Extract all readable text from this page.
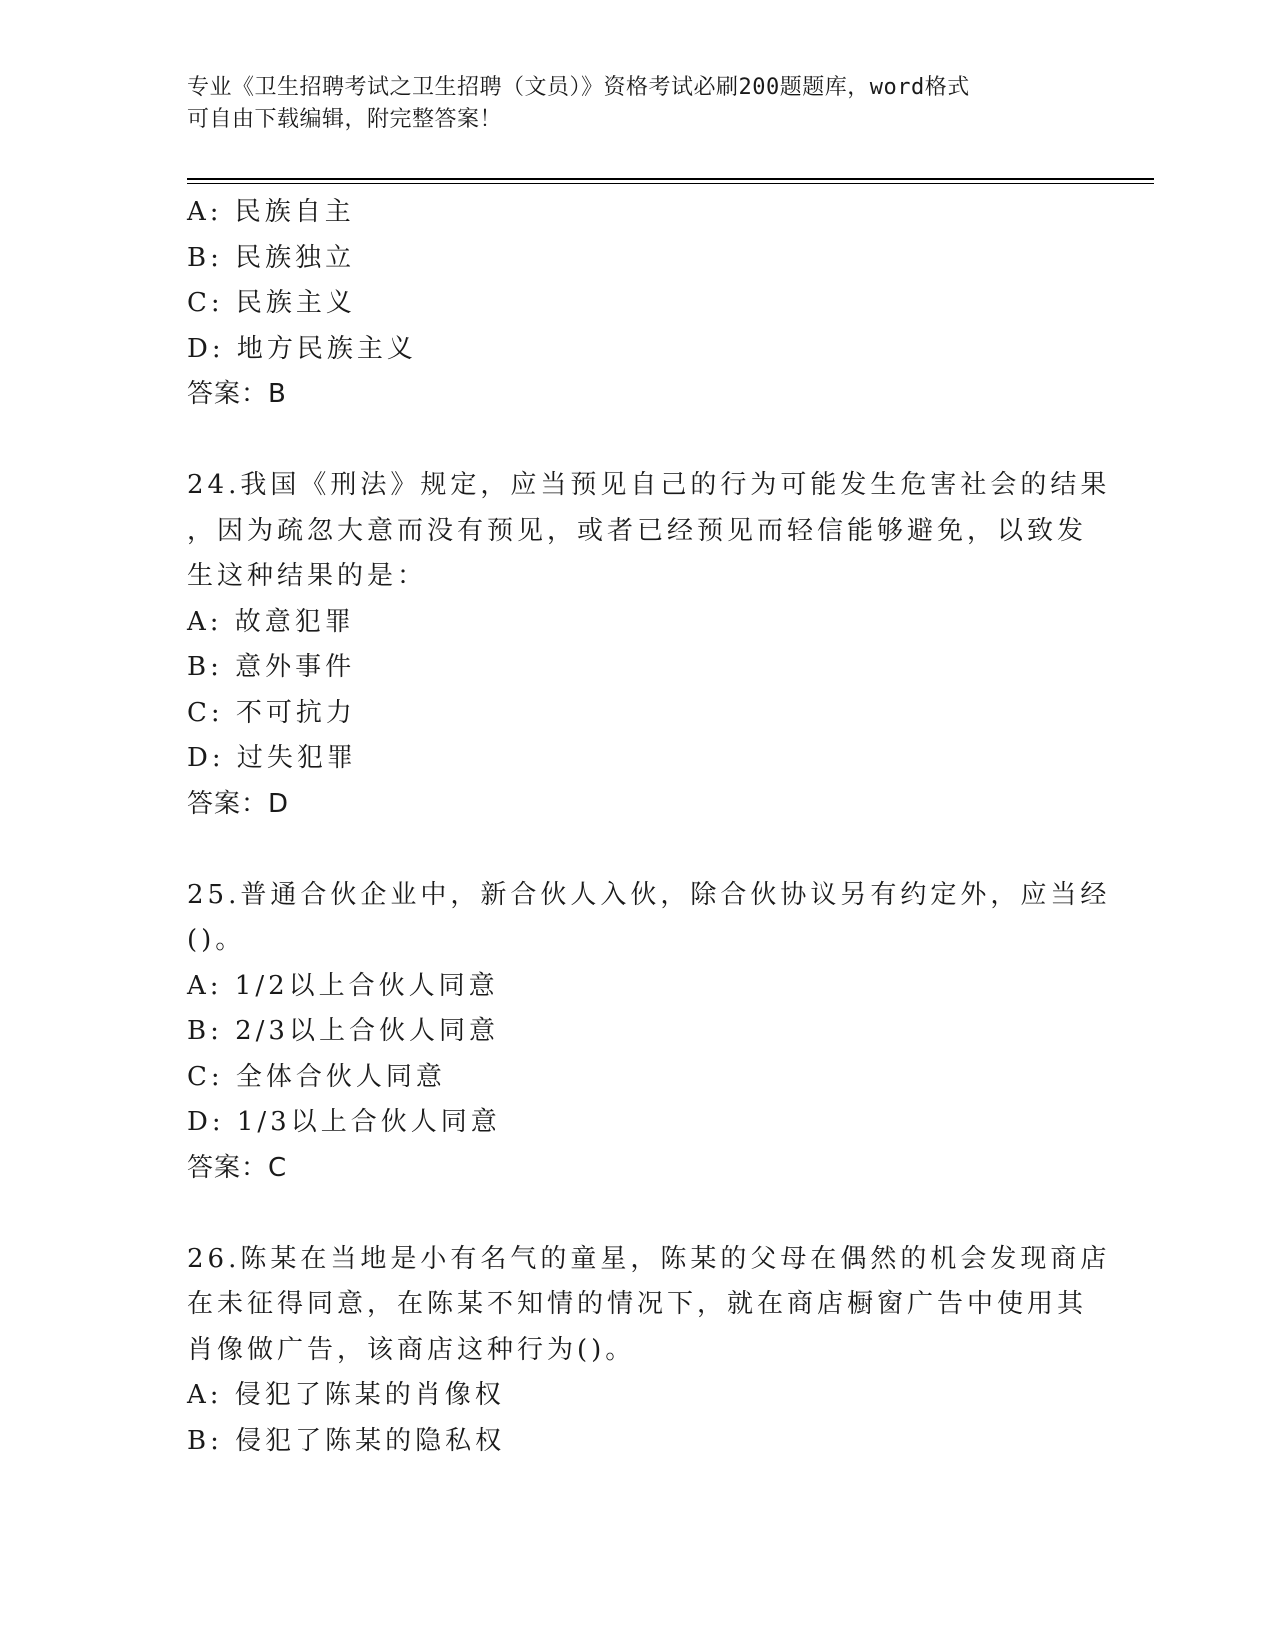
专业《卫生招聘考试之卫生招聘（文员）》资格考试必刷200题题库，word格式
可自由下载编辑，附完整答案！
A: 民族自主
B: 民族独立
C: 民族主义
D: 地方民族主义
答案：B
24.我国《刑法》规定，应当预见自己的行为可能发生危害社会的结果
，因为疏忽大意而没有预见，或者已经预见而轻信能够避免，以致发
生这种结果的是：
A: 故意犯罪
B: 意外事件
C: 不可抗力
D: 过失犯罪
答案：D
25.普通合伙企业中，新合伙人入伙，除合伙协议另有约定外，应当经
()。
A: 1/2以上合伙人同意
B: 2/3以上合伙人同意
C: 全体合伙人同意
D: 1/3以上合伙人同意
答案：C
26.陈某在当地是小有名气的童星，陈某的父母在偶然的机会发现商店
在未征得同意，在陈某不知情的情况下，就在商店橱窗广告中使用其
肖像做广告，该商店这种行为()。
A: 侵犯了陈某的肖像权
B: 侵犯了陈某的隐私权
